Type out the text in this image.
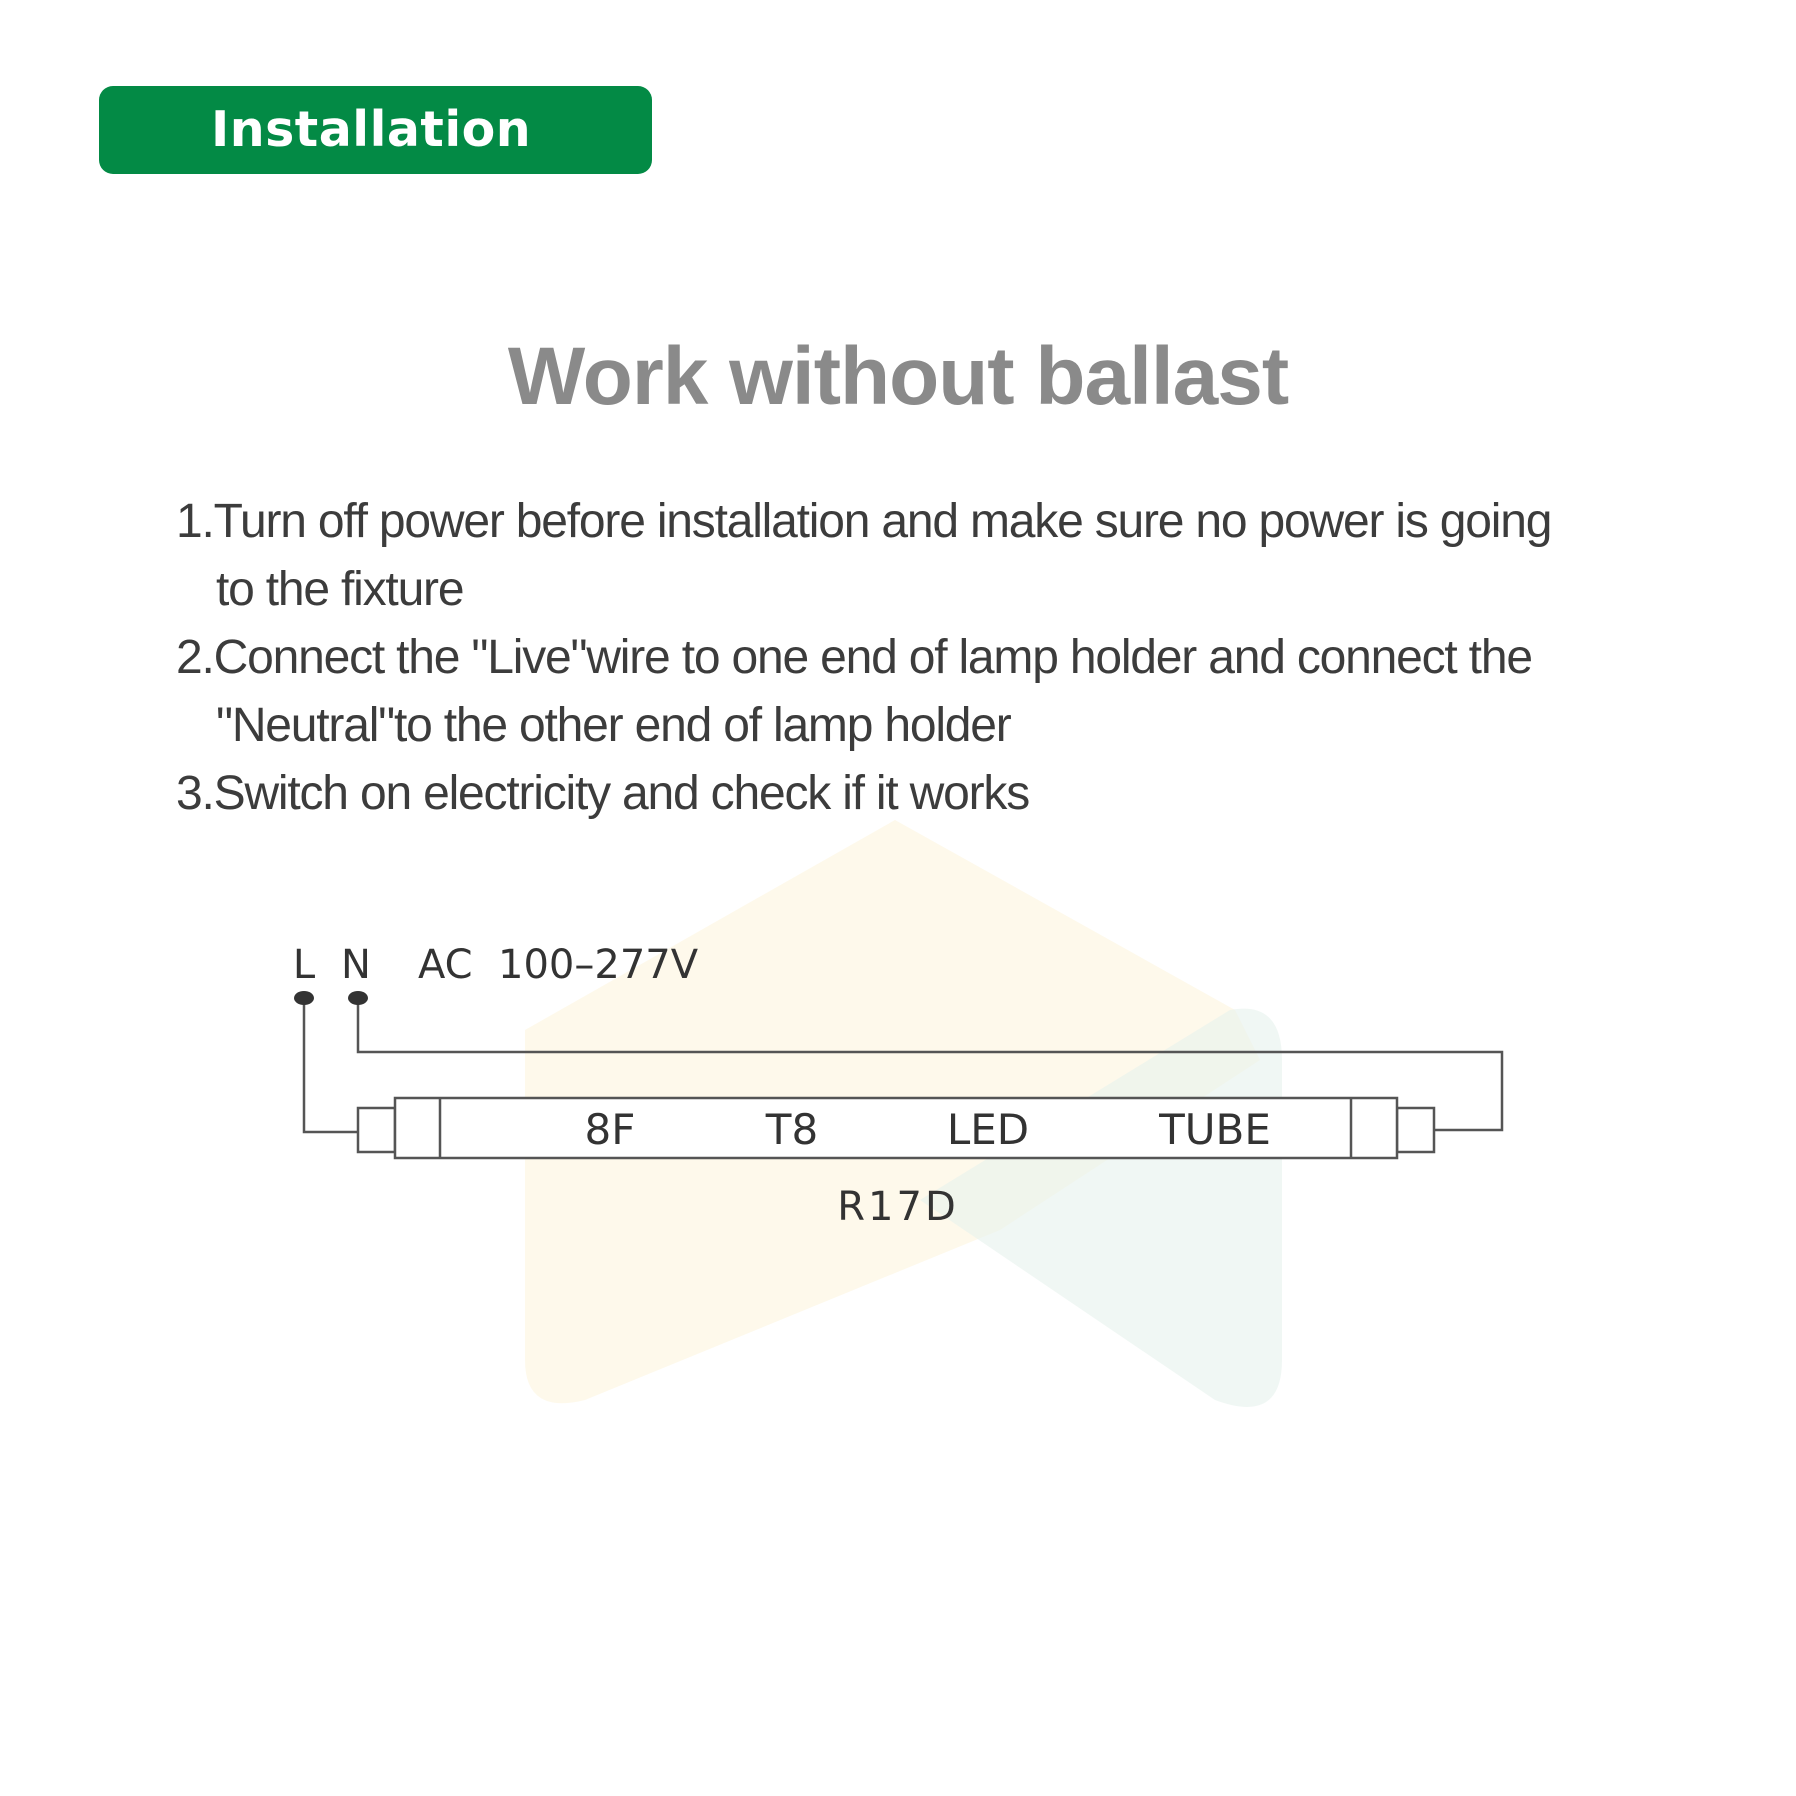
Installation
Work without ballast

1.Turn off power before installation and make sure no power is going to the fixture

2.Connect the "Live"wire to one end of lamp holder and connect the "Neutral"to the other end of lamp holder

3.Switch on electricity and check if it works

L N AC  100–277V
8F	T8	LED	TUBE
R17D
